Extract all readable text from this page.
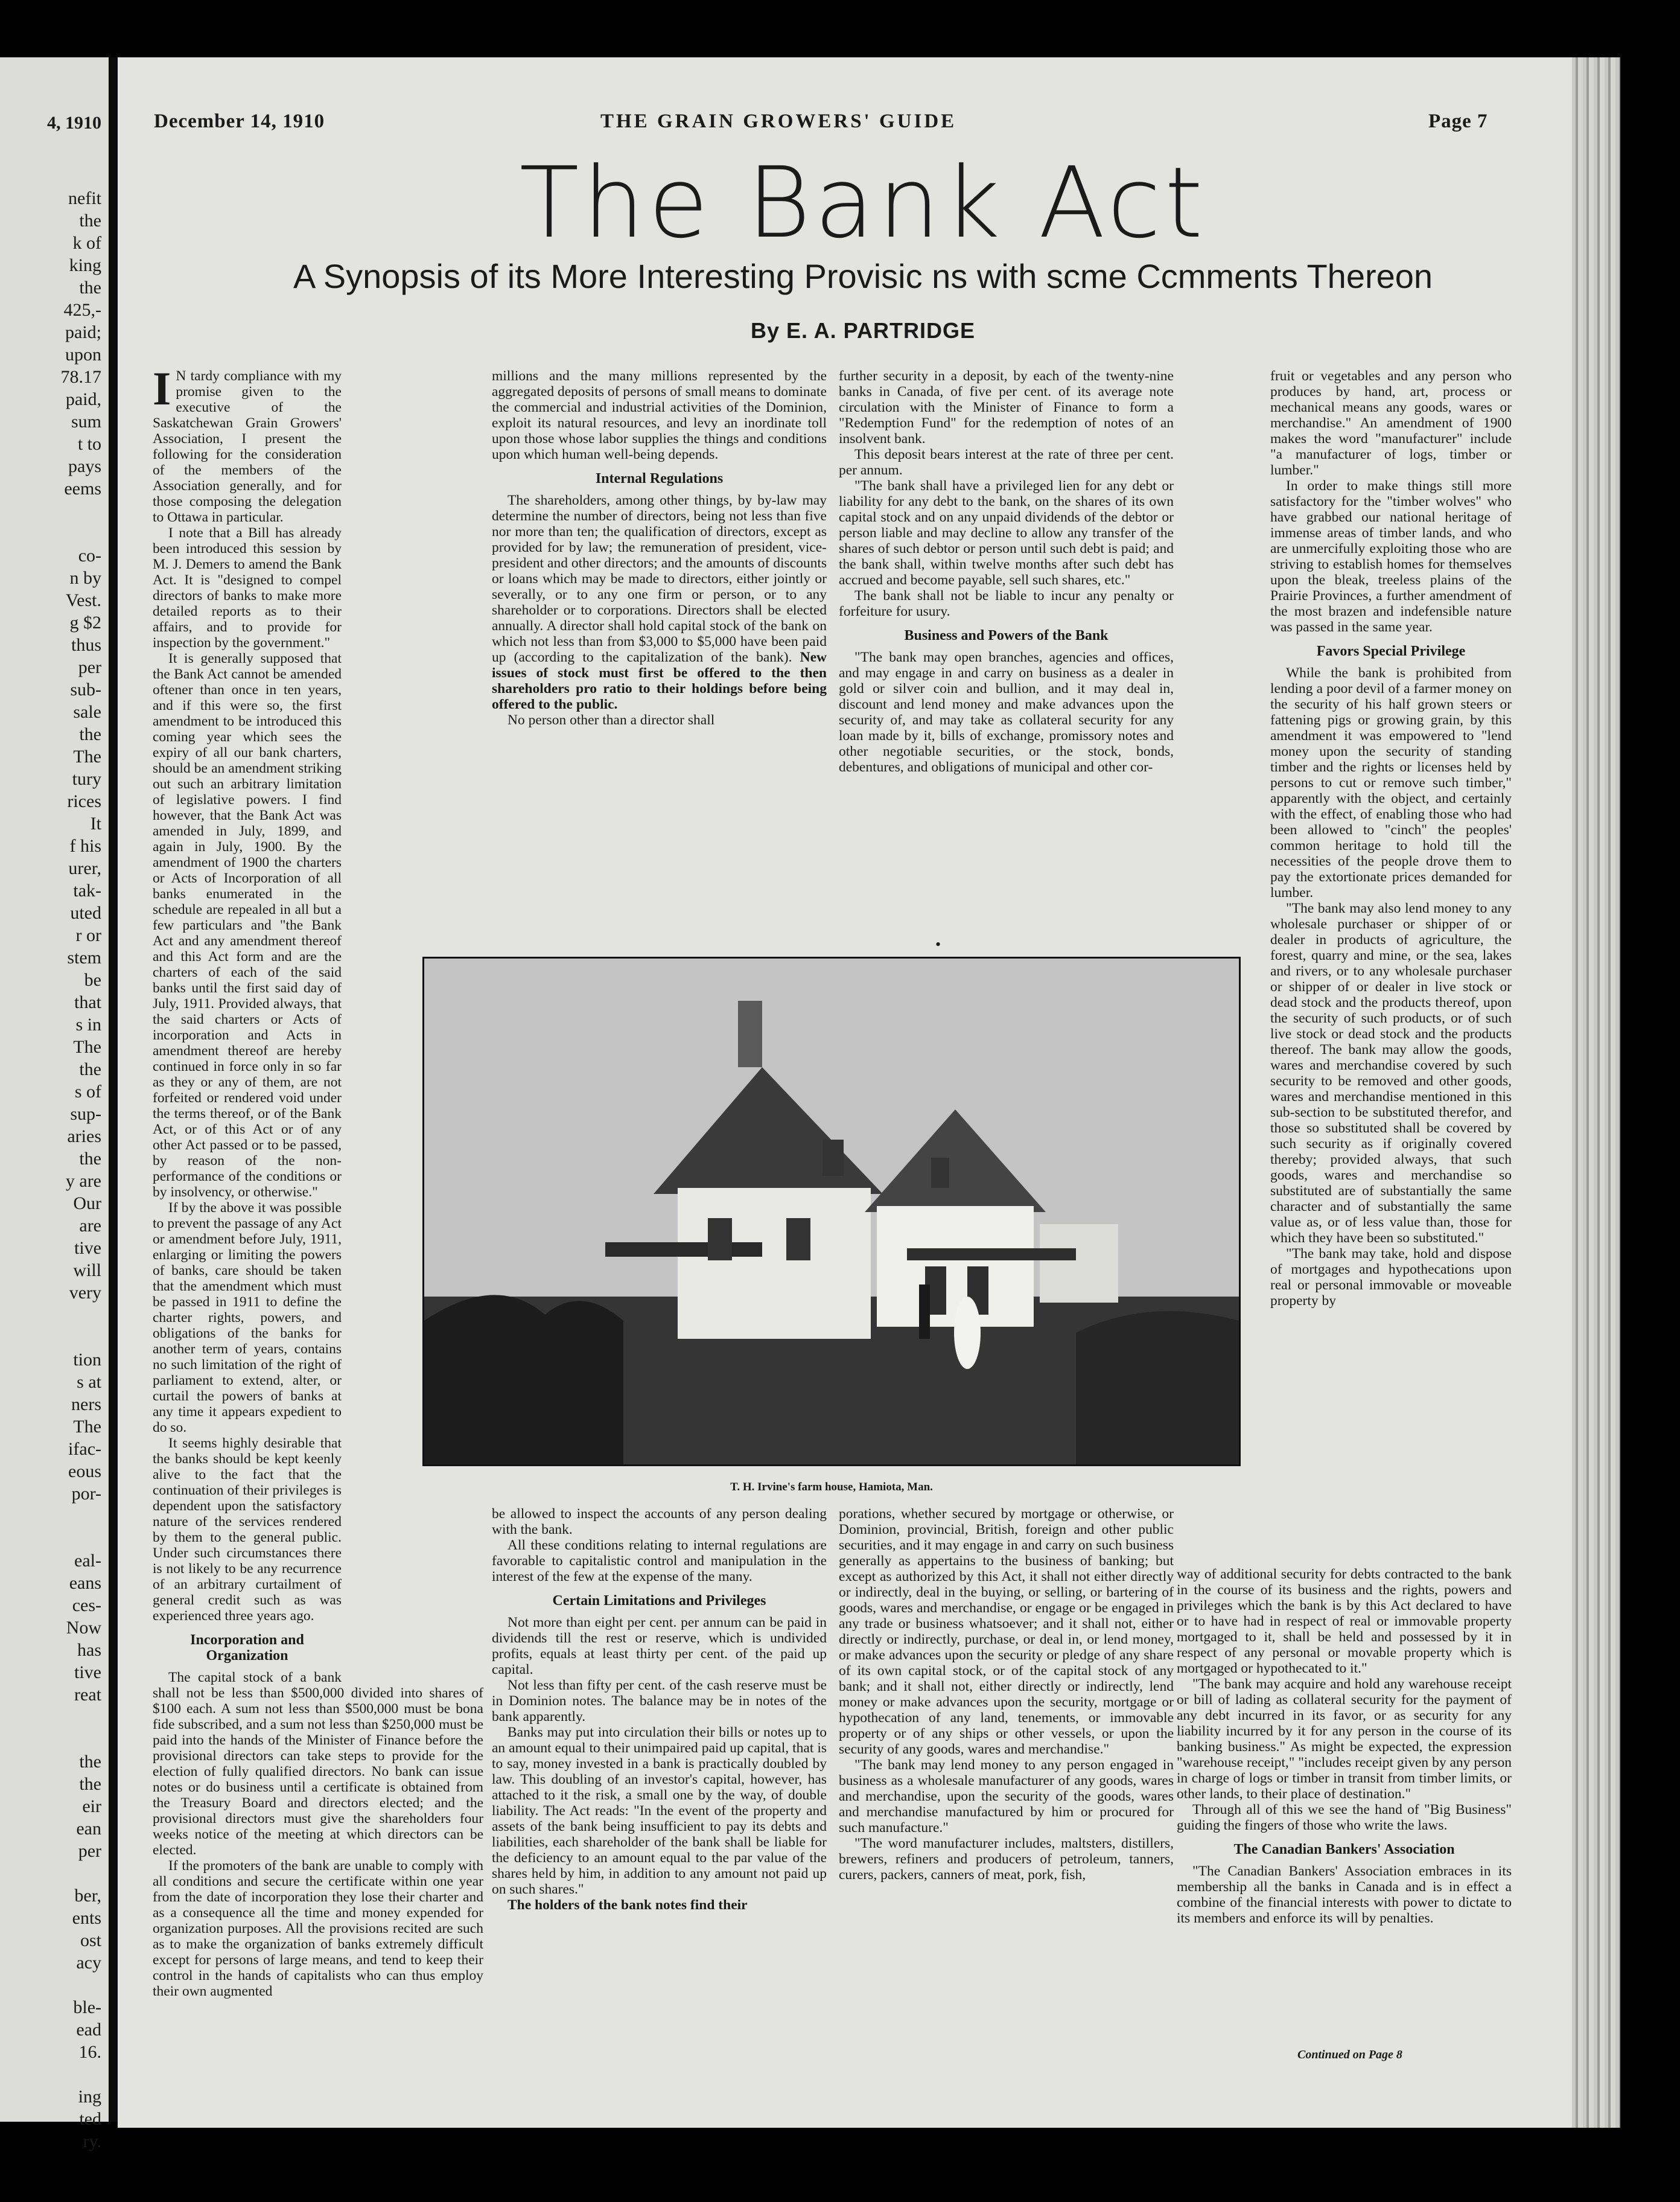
4, 1910
nefit
the
k of
king
the
425,-
paid;
upon
78.17
paid,
sum
t to
pays
eems
co-
n by
Vest.
g $2
thus
per
sub-
sale
the
The
tury
rices
It
f his
urer,
tak-
uted
r or
stem
be
that
s in
The
the
s of
sup-
aries
the
y are
Our
are
tive
will
very
tion
s at
ners
The
ifac-
eous
por-
eal-
eans
ces-
Now
has
tive
reat
the
the
eir
ean
per
ber,
ents
ost
acy
ble-
ead
16.
ing
ted
ry.
December 14, 1910	THE GRAIN GROWERS' GUIDE	Page 7
The Bank Act
A Synopsis of its More Interesting Provisic ns with scme Ccmments Thereon
By E. A. PARTRIDGE

I N tardy compliance with my promise given to the executive of the Saskatchewan Grain Growers' Association, I present the following for the consideration of the members of the Association generally, and for those composing the delegation to Ottawa in particular.

I note that a Bill has already been introduced this session by M. J. Demers to amend the Bank Act. It is "designed to compel directors of banks to make more detailed reports as to their affairs, and to provide for inspection by the government."

It is generally supposed that the Bank Act cannot be amended oftener than once in ten years, and if this were so, the first amendment to be introduced this coming year which sees the expiry of all our bank charters, should be an amendment striking out such an arbitrary limitation of legislative powers. I find however, that the Bank Act was amended in July, 1899, and again in July, 1900. By the amendment of 1900 the charters or Acts of Incorporation of all banks enumerated in the schedule are repealed in all but a few particulars and "the Bank Act and any amendment thereof and this Act form and are the charters of each of the said banks until the first said day of July, 1911. Provided always, that the said charters or Acts of incorporation and Acts in amendment thereof are hereby continued in force only in so far as they or any of them, are not forfeited or rendered void under the terms thereof, or of the Bank Act, or of this Act or of any other Act passed or to be passed, by reason of the non-performance of the conditions or by insolvency, or otherwise."

If by the above it was possible to prevent the passage of any Act or amendment before July, 1911, enlarging or limiting the powers of banks, care should be taken that the amendment which must be passed in 1911 to define the charter rights, powers, and obligations of the banks for another term of years, contains no such limitation of the right of parliament to extend, alter, or curtail the powers of banks at any time it appears expedient to do so.

It seems highly desirable that the banks should be kept keenly alive to the fact that the continuation of their privileges is dependent upon the satisfactory nature of the services rendered by them to the general public. Under such circumstances there is not likely to be any recurrence of an arbitrary curtailment of general credit such as was experienced three years ago.

Incorporation and Organization

The capital stock of a bank shall not be less than $500,000 divided into shares of $100 each. A sum not less than $500,000 must be bona fide subscribed, and a sum not less than $250,000 must be paid into the hands of the Minister of Finance before the provisional directors can take steps to provide for the election of fully qualified directors. No bank can issue notes or do business until a certificate is obtained from the Treasury Board and directors elected; and the provisional directors must give the shareholders four weeks notice of the meeting at which directors can be elected.

If the promoters of the bank are unable to comply with all conditions and secure the certificate within one year from the date of incorporation they lose their charter and as a consequence all the time and money expended for organization purposes. All the provisions recited are such as to make the organization of banks extremely difficult except for persons of large means, and tend to keep their control in the hands of capitalists who can thus employ their own augmented

millions and the many millions represented by the aggregated deposits of persons of small means to dominate the commercial and industrial activities of the Dominion, exploit its natural resources, and levy an inordinate toll upon those whose labor supplies the things and conditions upon which human well-being depends.

Internal Regulations

The shareholders, among other things, by by-law may determine the number of directors, being not less than five nor more than ten; the qualification of directors, except as provided for by law; the remuneration of president, vice-president and other directors; and the amounts of discounts or loans which may be made to directors, either jointly or severally, or to any one firm or person, or to any shareholder or to corporations. Directors shall be elected annually. A director shall hold capital stock of the bank on which not less than from $3,000 to $5,000 have been paid up (according to the capitalization of the bank). New issues of stock must first be offered to the then shareholders pro ratio to their holdings before being offered to the public.

No person other than a director shall

further security in a deposit, by each of the twenty-nine banks in Canada, of five per cent. of its average note circulation with the Minister of Finance to form a "Redemption Fund" for the redemption of notes of an insolvent bank.

This deposit bears interest at the rate of three per cent. per annum.

"The bank shall have a privileged lien for any debt or liability for any debt to the bank, on the shares of its own capital stock and on any unpaid dividends of the debtor or person liable and may decline to allow any transfer of the shares of such debtor or person until such debt is paid; and the bank shall, within twelve months after such debt has accrued and become payable, sell such shares, etc."

The bank shall not be liable to incur any penalty or forfeiture for usury.

Business and Powers of the Bank

"The bank may open branches, agencies and offices, and may engage in and carry on business as a dealer in gold or silver coin and bullion, and it may deal in, discount and lend money and make advances upon the security of, and may take as collateral security for any loan made by it, bills of exchange, promissory notes and other negotiable securities, or the stock, bonds, debentures, and obligations of municipal and other cor-

fruit or vegetables and any person who produces by hand, art, process or mechanical means any goods, wares or merchandise." An amendment of 1900 makes the word "manufacturer" include "a manufacturer of logs, timber or lumber."

In order to make things still more satisfactory for the "timber wolves" who have grabbed our national heritage of immense areas of timber lands, and who are unmercifully exploiting those who are striving to establish homes for themselves upon the bleak, treeless plains of the Prairie Provinces, a further amendment of the most brazen and indefensible nature was passed in the same year.

Favors Special Privilege

While the bank is prohibited from lending a poor devil of a farmer money on the security of his half grown steers or fattening pigs or growing grain, by this amendment it was empowered to "lend money upon the security of standing timber and the rights or licenses held by persons to cut or remove such timber," apparently with the object, and certainly with the effect, of enabling those who had been allowed to "cinch" the peoples' common heritage to hold till the necessities of the people drove them to pay the extortionate prices demanded for lumber.

"The bank may also lend money to any wholesale purchaser or shipper of or dealer in products of agriculture, the forest, quarry and mine, or the sea, lakes and rivers, or to any wholesale purchaser or shipper of or dealer in live stock or dead stock and the products thereof, upon the security of such products, or of such live stock or dead stock and the products thereof. The bank may allow the goods, wares and merchandise covered by such security to be removed and other goods, wares and merchandise mentioned in this sub-section to be substituted therefor, and those so substituted shall be covered by such security as if originally covered thereby; provided always, that such goods, wares and merchandise so substituted are of substantially the same character and of substantially the same value as, or of less value than, those for which they have been so substituted."

"The bank may take, hold and dispose of mortgages and hypothecations upon real or personal immovable or moveable property by

•
T. H. Irvine's farm house, Hamiota, Man.

be allowed to inspect the accounts of any person dealing with the bank.

All these conditions relating to internal regulations are favorable to capitalistic control and manipulation in the interest of the few at the expense of the many.

Certain Limitations and Privileges

Not more than eight per cent. per annum can be paid in dividends till the rest or reserve, which is undivided profits, equals at least thirty per cent. of the paid up capital.

Not less than fifty per cent. of the cash reserve must be in Dominion notes. The balance may be in notes of the bank apparently.

Banks may put into circulation their bills or notes up to an amount equal to their unimpaired paid up capital, that is to say, money invested in a bank is practically doubled by law. This doubling of an investor's capital, however, has attached to it the risk, a small one by the way, of double liability. The Act reads: "In the event of the property and assets of the bank being insufficient to pay its debts and liabilities, each shareholder of the bank shall be liable for the deficiency to an amount equal to the par value of the shares held by him, in addition to any amount not paid up on such shares."

The holders of the bank notes find their

porations, whether secured by mortgage or otherwise, or Dominion, provincial, British, foreign and other public securities, and it may engage in and carry on such business generally as appertains to the business of banking; but except as authorized by this Act, it shall not either directly or indirectly, deal in the buying, or selling, or bartering of goods, wares and merchandise, or engage or be engaged in any trade or business whatsoever; and it shall not, either directly or indirectly, purchase, or deal in, or lend money, or make advances upon the security or pledge of any share of its own capital stock, or of the capital stock of any bank; and it shall not, either directly or indirectly, lend money or make advances upon the security, mortgage or hypothecation of any land, tenements, or immovable property or of any ships or other vessels, or upon the security of any goods, wares and merchandise."

"The bank may lend money to any person engaged in business as a wholesale manufacturer of any goods, wares and merchandise, upon the security of the goods, wares and merchandise manufactured by him or procured for such manufacture."

"The word manufacturer includes, maltsters, distillers, brewers, refiners and producers of petroleum, tanners, curers, packers, canners of meat, pork, fish,

way of additional security for debts contracted to the bank in the course of its business and the rights, powers and privileges which the bank is by this Act declared to have or to have had in respect of real or immovable property mortgaged to it, shall be held and possessed by it in respect of any personal or movable property which is mortgaged or hypothecated to it."

"The bank may acquire and hold any warehouse receipt or bill of lading as collateral security for the payment of any debt incurred in its favor, or as security for any liability incurred by it for any person in the course of its banking business." As might be expected, the expression "warehouse receipt," "includes receipt given by any person in charge of logs or timber in transit from timber limits, or other lands, to their place of destination."

Through all of this we see the hand of "Big Business" guiding the fingers of those who write the laws.

The Canadian Bankers' Association

"The Canadian Bankers' Association embraces in its membership all the banks in Canada and is in effect a combine of the financial interests with power to dictate to its members and enforce its will by penalties.

Continued on Page 8
